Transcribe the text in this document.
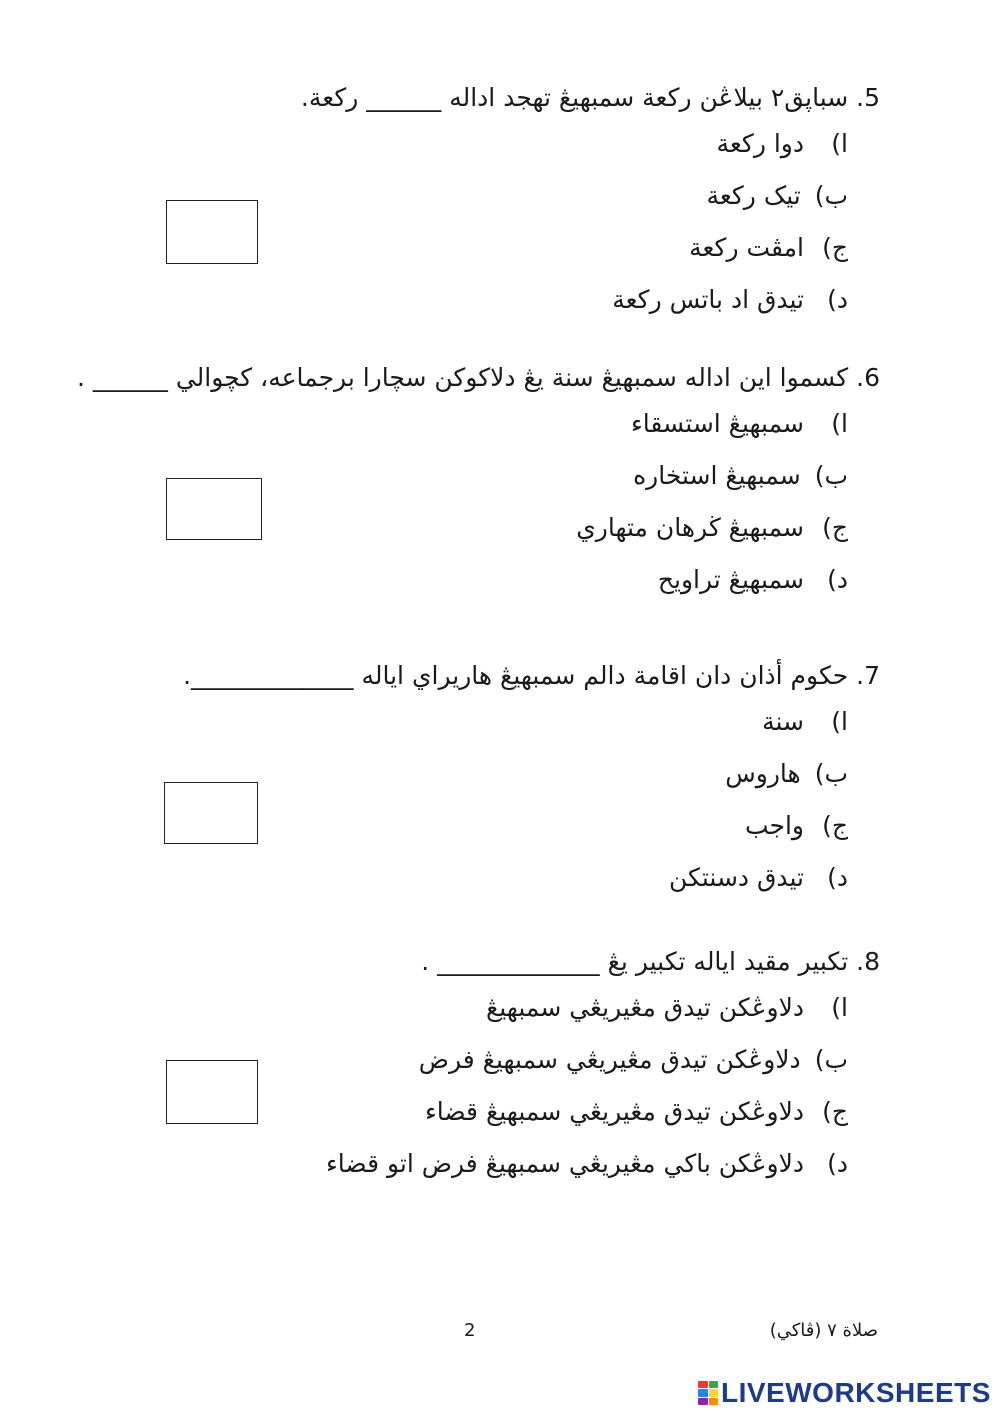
5. سباپق٢ بيلاڠن رکعة سمبهيڠ تهجد اداله ______ رکعة.
ا)دوا رکعة
ب)تيک رکعة
ج)امڤت رکعة
د)تيدق اد باتس رکعة
6. کسموا اين اداله سمبهيڠ سنة يڠ دلاکوکن سچارا برجماعه، کچوالي ______ .
ا)سمبهيڠ استسقاء
ب)سمبهيڠ استخاره
ج)سمبهيڠ ڬرهان متهاري
د)سمبهيڠ تراويح
7. حکوم أذان دان اقامة دالم سمبهيڠ هاريراي اياله _____________.
ا)سنة
ب)هاروس
ج)واجب
د)تيدق دسنتکن
8. تکبير مقيد اياله تکبير يڠ _____________ .
ا)دلاوڠکن تيدق مڠيريڠي سمبهيڠ
ب)دلاوڠکن تيدق مڠيريڠي سمبهيڠ فرض
ج)دلاوڠکن تيدق مڠيريڠي سمبهيڠ قضاء
د)دلاوڠکن باکي مڠيريڠي سمبهيڠ فرض اتو قضاء
صلاة ٧ (ڤاکي)
2
LIVEWORKSHEETS
